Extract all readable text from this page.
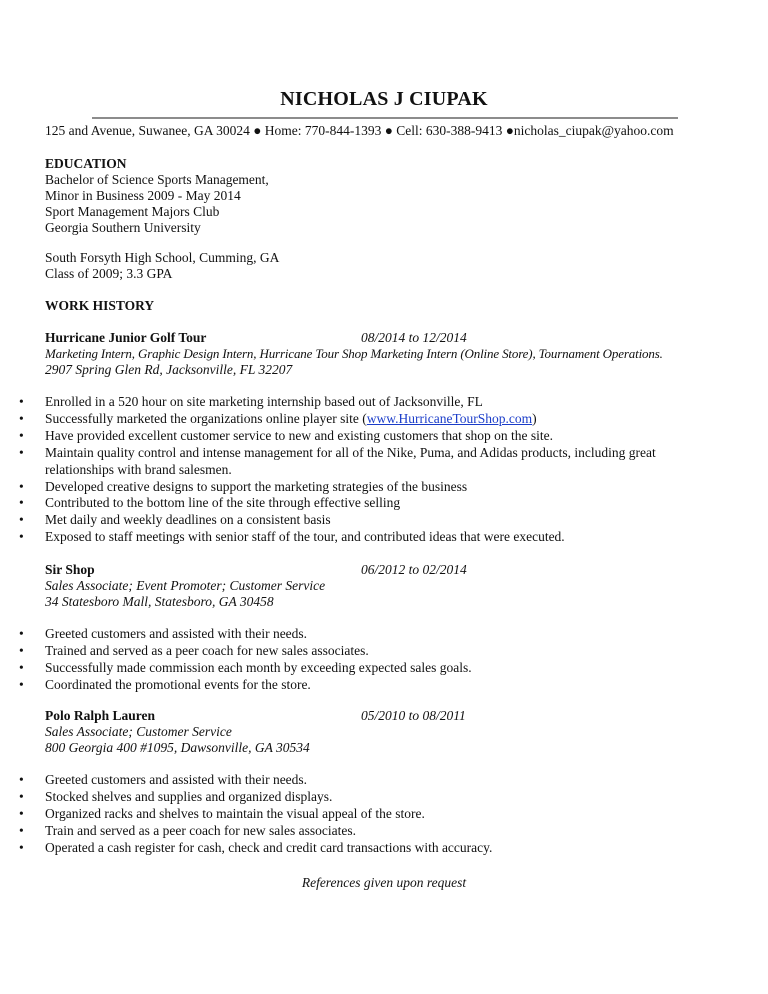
NICHOLAS J CIUPAK
125 and Avenue, Suwanee, GA 30024 ● Home: 770-844-1393 ● Cell: 630-388-9413 ●nicholas_ciupak@yahoo.com
EDUCATION
Bachelor of Science Sports Management,
Minor in Business 2009 - May 2014
Sport Management Majors Club
Georgia Southern University
South Forsyth High School, Cumming, GA
Class of 2009; 3.3 GPA
WORK HISTORY
Hurricane Junior Golf Tour
Marketing Intern, Graphic Design Intern, Hurricane Tour Shop Marketing Intern (Online Store), Tournament Operations.
2907 Spring Glen Rd, Jacksonville, FL 32207
08/2014 to 12/2014
• Enrolled in a 520 hour on site marketing internship based out of Jacksonville, FL
• Successfully marketed the organizations online player site (www.HurricaneTourShop.com)
• Have provided excellent customer service to new and existing customers that shop on the site.
• Maintain quality control and intense management for all of the Nike, Puma, and Adidas products, including great
relationships with brand salesmen.
• Developed creative designs to support the marketing strategies of the business
• Contributed to the bottom line of the site through effective selling
• Met daily and weekly deadlines on a consistent basis
• Exposed to staff meetings with senior staff of the tour, and contributed ideas that were executed.
Sir Shop
Sales Associate; Event Promoter; Customer Service
34 Statesboro Mall, Statesboro, GA 30458
06/2012 to 02/2014
• Greeted customers and assisted with their needs.
• Trained and served as a peer coach for new sales associates.
• Successfully made commission each month by exceeding expected sales goals.
• Coordinated the promotional events for the store.
Polo Ralph Lauren
Sales Associate; Customer Service
800 Georgia 400 #1095, Dawsonville, GA 30534
05/2010 to 08/2011
• Greeted customers and assisted with their needs.
• Stocked shelves and supplies and organized displays.
• Organized racks and shelves to maintain the visual appeal of the store.
• Train and served as a peer coach for new sales associates.
• Operated a cash register for cash, check and credit card transactions with accuracy.
References given upon request
